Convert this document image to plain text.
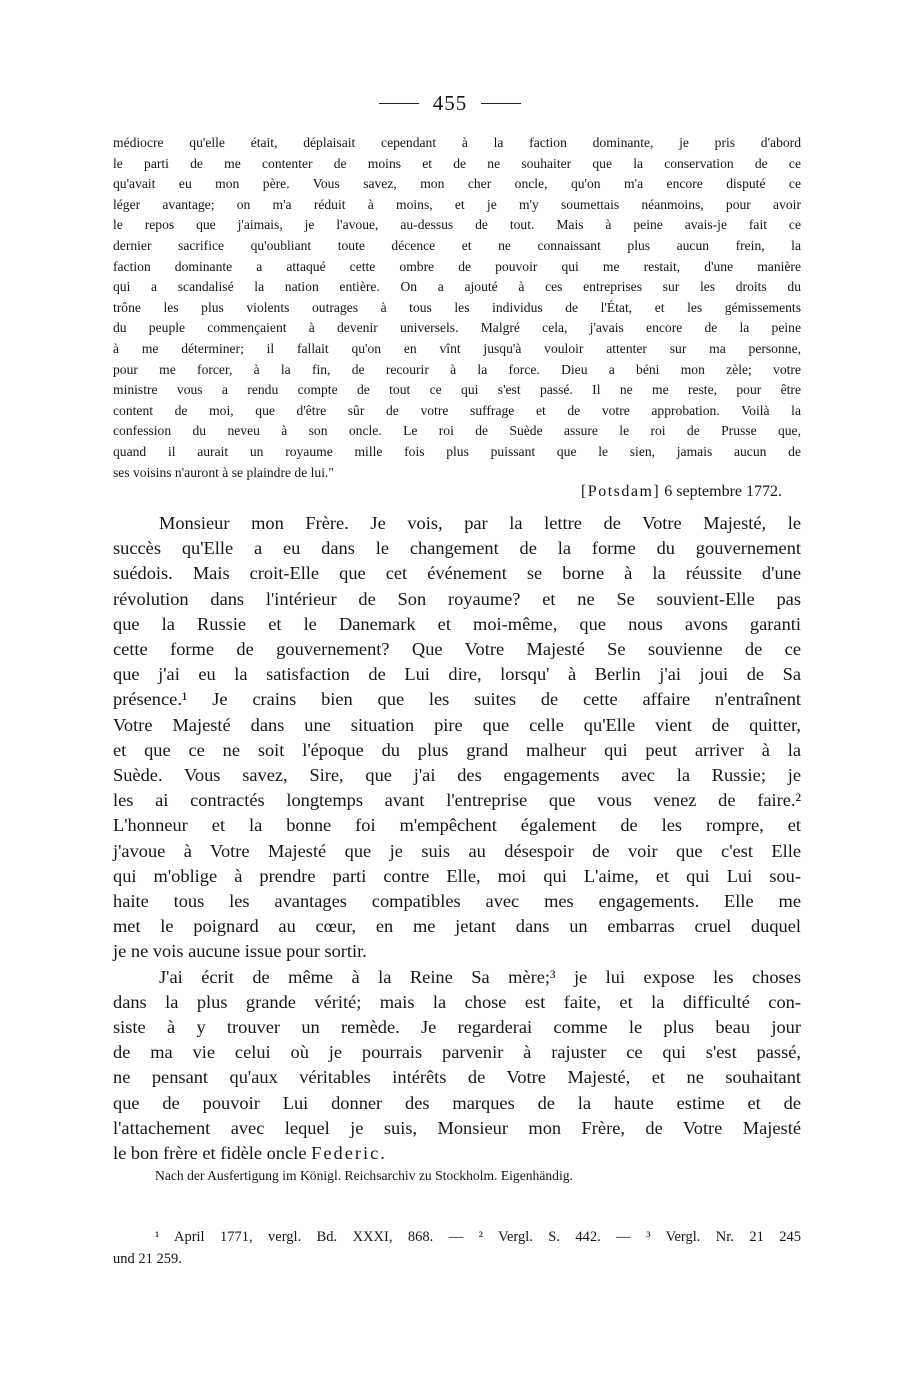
455
médiocre qu'elle était, déplaisait cependant à la faction dominante, je pris d'abord
le parti de me contenter de moins et de ne souhaiter que la conservation de ce
qu'avait eu mon père. Vous savez, mon cher oncle, qu'on m'a encore disputé ce
léger avantage; on m'a réduit à moins, et je m'y soumettais néanmoins, pour avoir
le repos que j'aimais, je l'avoue, au-dessus de tout. Mais à peine avais-je fait ce
dernier sacrifice qu'oubliant toute décence et ne connaissant plus aucun frein, la
faction dominante a attaqué cette ombre de pouvoir qui me restait, d'une manière
qui a scandalisé la nation entière. On a ajouté à ces entreprises sur les droits du
trône les plus violents outrages à tous les individus de l'État, et les gémissements
du peuple commençaient à devenir universels. Malgré cela, j'avais encore de la peine
à me déterminer; il fallait qu'on en vînt jusqu'à vouloir attenter sur ma personne,
pour me forcer, à la fin, de recourir à la force. Dieu a béni mon zèle; votre
ministre vous a rendu compte de tout ce qui s'est passé. Il ne me reste, pour être
content de moi, que d'être sûr de votre suffrage et de votre approbation. Voilà la
confession du neveu à son oncle. Le roi de Suède assure le roi de Prusse que,
quand il aurait un royaume mille fois plus puissant que le sien, jamais aucun de
ses voisins n'auront à se plaindre de lui."
[Potsdam] 6 septembre 1772.
Monsieur mon Frère. Je vois, par la lettre de Votre Majesté, le
succès qu'Elle a eu dans le changement de la forme du gouvernement
suédois. Mais croit-Elle que cet événement se borne à la réussite d'une
révolution dans l'intérieur de Son royaume? et ne Se souvient-Elle pas
que la Russie et le Danemark et moi-même, que nous avons garanti
cette forme de gouvernement? Que Votre Majesté Se souvienne de ce
que j'ai eu la satisfaction de Lui dire, lorsqu' à Berlin j'ai joui de Sa
présence.¹ Je crains bien que les suites de cette affaire n'entraînent
Votre Majesté dans une situation pire que celle qu'Elle vient de quitter,
et que ce ne soit l'époque du plus grand malheur qui peut arriver à la
Suède. Vous savez, Sire, que j'ai des engagements avec la Russie; je
les ai contractés longtemps avant l'entreprise que vous venez de faire.²
L'honneur et la bonne foi m'empêchent également de les rompre, et
j'avoue à Votre Majesté que je suis au désespoir de voir que c'est Elle
qui m'oblige à prendre parti contre Elle, moi qui L'aime, et qui Lui sou-
haite tous les avantages compatibles avec mes engagements. Elle me
met le poignard au cœur, en me jetant dans un embarras cruel duquel
je ne vois aucune issue pour sortir.
J'ai écrit de même à la Reine Sa mère;³ je lui expose les choses
dans la plus grande vérité; mais la chose est faite, et la difficulté con-
siste à y trouver un remède. Je regarderai comme le plus beau jour
de ma vie celui où je pourrais parvenir à rajuster ce qui s'est passé,
ne pensant qu'aux véritables intérêts de Votre Majesté, et ne souhaitant
que de pouvoir Lui donner des marques de la haute estime et de
l'attachement avec lequel je suis, Monsieur mon Frère, de Votre Majesté
le bon frère et fidèle oncle Federic.
Nach der Ausfertigung im Königl. Reichsarchiv zu Stockholm. Eigenhändig.
¹ April 1771, vergl. Bd. XXXI, 868. — ² Vergl. S. 442. — ³ Vergl. Nr. 21 245
und 21 259.
